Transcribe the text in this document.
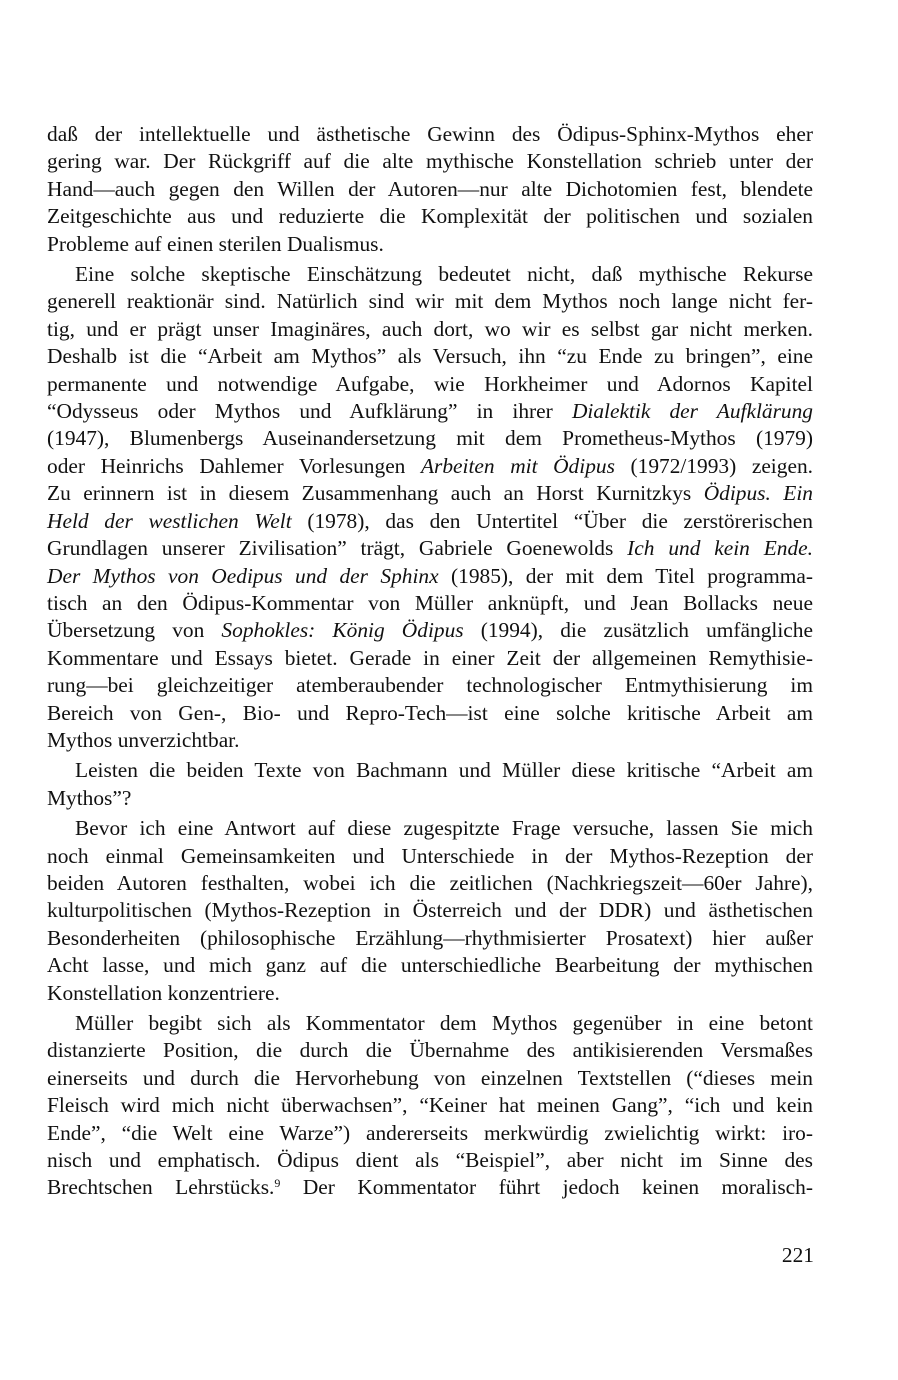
daß der intellektuelle und ästhetische Gewinn des Ödipus-Sphinx-Mythos eher
gering war. Der Rückgriff auf die alte mythische Konstellation schrieb unter der
Hand—auch gegen den Willen der Autoren—nur alte Dichotomien fest, blendete
Zeitgeschichte aus und reduzierte die Komplexität der politischen und sozialen
Probleme auf einen sterilen Dualismus.
Eine solche skeptische Einschätzung bedeutet nicht, daß mythische Rekurse
generell reaktionär sind. Natürlich sind wir mit dem Mythos noch lange nicht fer-
tig, und er prägt unser Imaginäres, auch dort, wo wir es selbst gar nicht merken.
Deshalb ist die “Arbeit am Mythos” als Versuch, ihn “zu Ende zu bringen”, eine
permanente und notwendige Aufgabe, wie Horkheimer und Adornos Kapitel
“Odysseus oder Mythos und Aufklärung” in ihrer Dialektik der Aufklärung
(1947), Blumenbergs Auseinandersetzung mit dem Prometheus-Mythos (1979)
oder Heinrichs Dahlemer Vorlesungen Arbeiten mit Ödipus (1972/1993) zeigen.
Zu erinnern ist in diesem Zusammenhang auch an Horst Kurnitzkys Ödipus. Ein
Held der westlichen Welt (1978), das den Untertitel “Über die zerstörerischen
Grundlagen unserer Zivilisation” trägt, Gabriele Goenewolds Ich und kein Ende.
Der Mythos von Oedipus und der Sphinx (1985), der mit dem Titel programma-
tisch an den Ödipus-Kommentar von Müller anknüpft, und Jean Bollacks neue
Übersetzung von Sophokles: König Ödipus (1994), die zusätzlich umfängliche
Kommentare und Essays bietet. Gerade in einer Zeit der allgemeinen Remythisie-
rung—bei gleichzeitiger atemberaubender technologischer Entmythisierung im
Bereich von Gen-, Bio- und Repro-Tech—ist eine solche kritische Arbeit am
Mythos unverzichtbar.
Leisten die beiden Texte von Bachmann und Müller diese kritische “Arbeit am
Mythos”?
Bevor ich eine Antwort auf diese zugespitzte Frage versuche, lassen Sie mich
noch einmal Gemeinsamkeiten und Unterschiede in der Mythos-Rezeption der
beiden Autoren festhalten, wobei ich die zeitlichen (Nachkriegszeit—60er Jahre),
kulturpolitischen (Mythos-Rezeption in Österreich und der DDR) und ästhetischen
Besonderheiten (philosophische Erzählung—rhythmisierter Prosatext) hier außer
Acht lasse, und mich ganz auf die unterschiedliche Bearbeitung der mythischen
Konstellation konzentriere.
Müller begibt sich als Kommentator dem Mythos gegenüber in eine betont
distanzierte Position, die durch die Übernahme des antikisierenden Versmaßes
einerseits und durch die Hervorhebung von einzelnen Textstellen (“dieses mein
Fleisch wird mich nicht überwachsen”, “Keiner hat meinen Gang”, “ich und kein
Ende”, “die Welt eine Warze”) andererseits merkwürdig zwielichtig wirkt: iro-
nisch und emphatisch. Ödipus dient als “Beispiel”, aber nicht im Sinne des
Brechtschen Lehrstücks.$^9$ Der Kommentator führt jedoch keinen moralisch-
221
